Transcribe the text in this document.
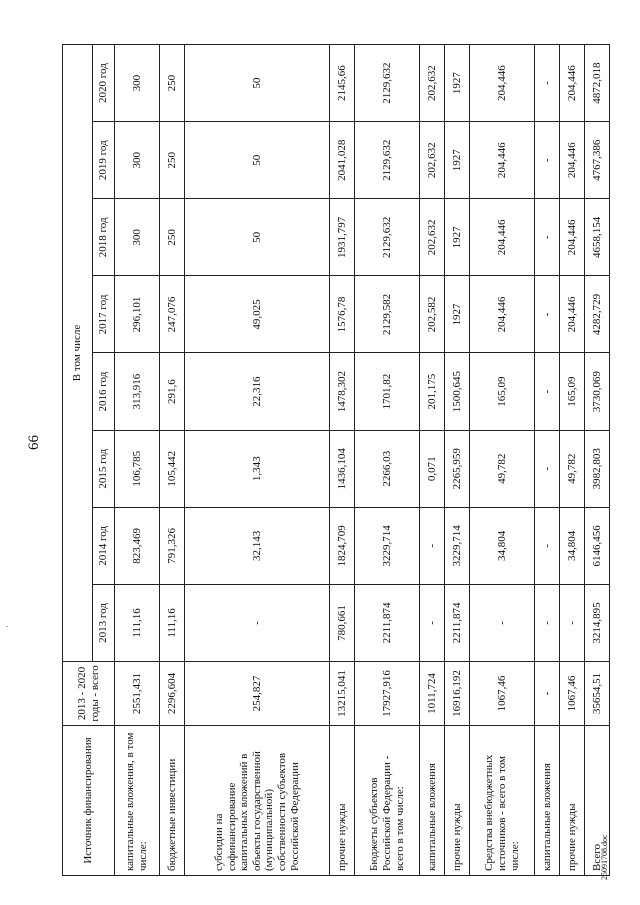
66
.
Источник финансирования	2013 - 2020 годы - всего	В том числе							
		2013 год	2014 год	2015 год	2016 год	2017 год	2018 год	2019 год	2020 год
капитальные вложения, в том числе:	2551,431	111,16	823,469	106,785	313,916	296,101	300	300	300
бюджетные инвестиции	2296,604	111,16	791,326	105,442	291,6	247,076	250	250	250
субсидии на софинансирование капитальных вложений в объекты государственной (муниципальной) собственности субъектов Российской Федерации	254,827	-	32,143	1,343	22,316	49,025	50	50	50
прочие нужды	13215,041	780,661	1824,709	1436,104	1478,302	1576,78	1931,797	2041,028	2145,66
Бюджеты субъектов Российской Федерации - всего в том числе:	17927,916	2211,874	3229,714	2266,03	1701,82	2129,582	2129,632	2129,632	2129,632
капитальные вложения	1011,724	-	-	0,071	201,175	202,582	202,632	202,632	202,632
прочие нужды	16916,192	2211,874	3229,714	2265,959	1500,645	1927	1927	1927	1927
Средства внебюджетных источников - всего в том числе:	1067,46	-	34,804	49,782	165,09	204,446	204,446	204,446	204,446
капитальные вложения	-	-	-	-	-	-	-	-	-
прочие нужды	1067,46	-	34,804	49,782	165,09	204,446	204,446	204,446	204,446
Всего	35654,51	3214,895	6146,456	3982,803	3730,069	4282,729	4658,154	4767,386	4872,018
25091708.doc
